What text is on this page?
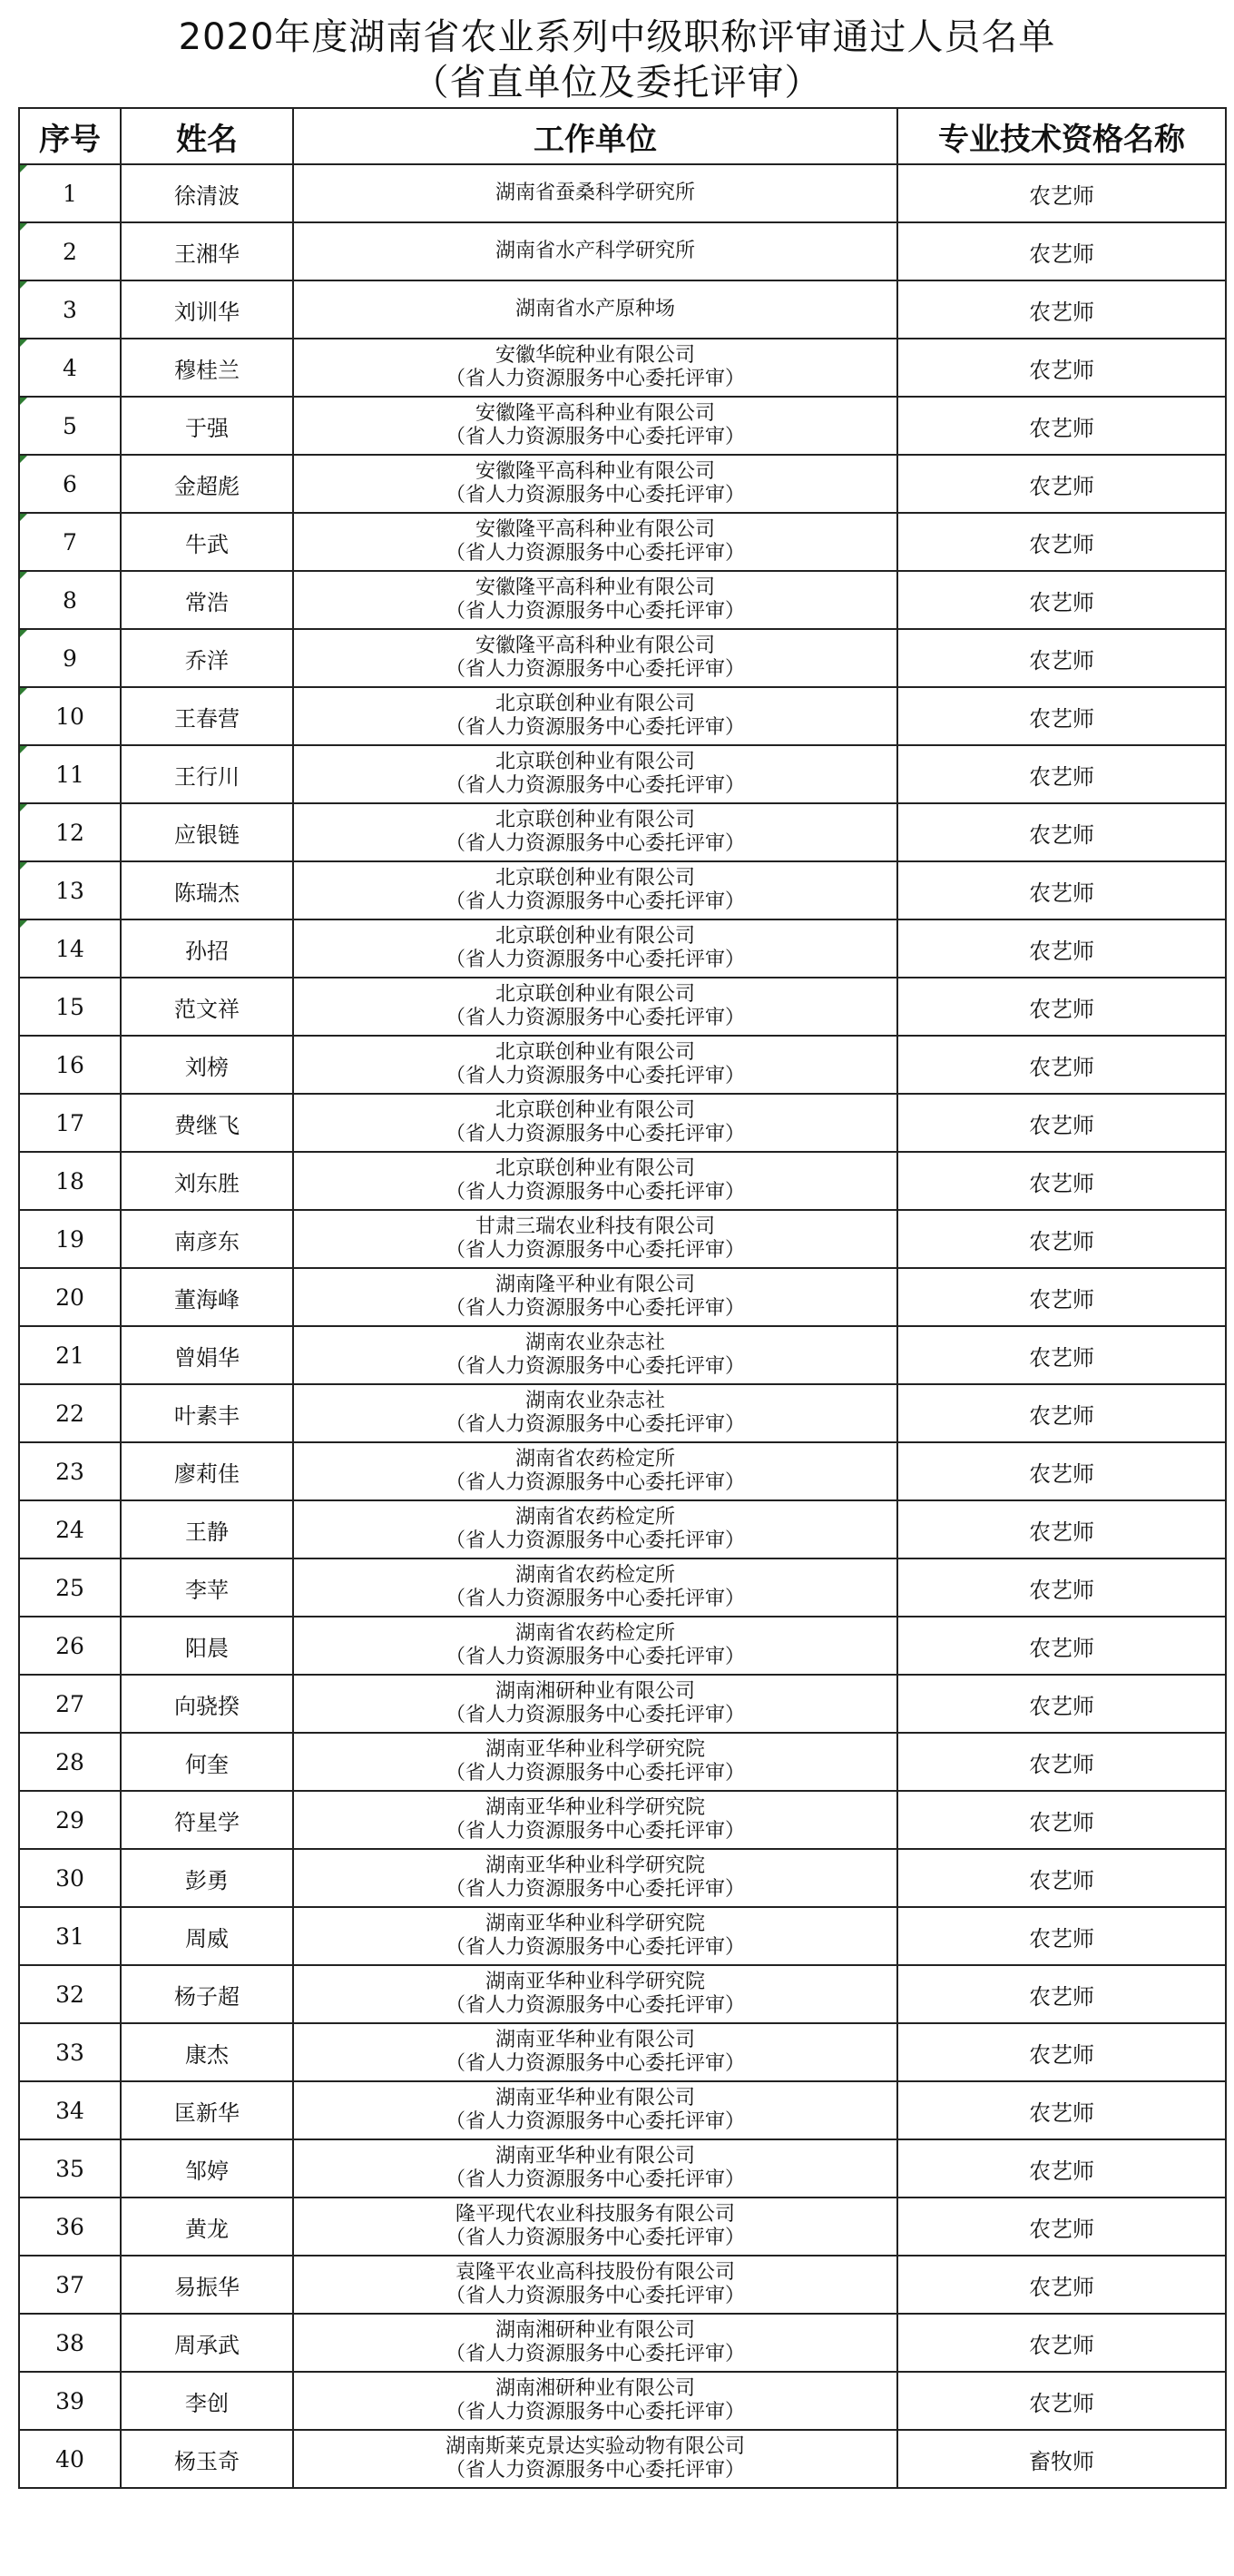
2020年度湖南省农业系列中级职称评审通过人员名单
（省直单位及委托评审）
序号	姓名	工作单位	专业技术资格名称

1	徐清波	湖南省蚕桑科学研究所	农艺师

2	王湘华	湖南省水产科学研究所	农艺师

3	刘训华	湖南省水产原种场	农艺师

4	穆桂兰	安徽华皖种业有限公司
（省人力资源服务中心委托评审）	农艺师

5	于强	安徽隆平高科种业有限公司
（省人力资源服务中心委托评审）	农艺师

6	金超彪	安徽隆平高科种业有限公司
（省人力资源服务中心委托评审）	农艺师

7	牛武	安徽隆平高科种业有限公司
（省人力资源服务中心委托评审）	农艺师

8	常浩	安徽隆平高科种业有限公司
（省人力资源服务中心委托评审）	农艺师

9	乔洋	安徽隆平高科种业有限公司
（省人力资源服务中心委托评审）	农艺师

10	王春营	北京联创种业有限公司
（省人力资源服务中心委托评审）	农艺师

11	王行川	北京联创种业有限公司
（省人力资源服务中心委托评审）	农艺师

12	应银链	北京联创种业有限公司
（省人力资源服务中心委托评审）	农艺师

13	陈瑞杰	北京联创种业有限公司
（省人力资源服务中心委托评审）	农艺师

14	孙招	北京联创种业有限公司
（省人力资源服务中心委托评审）	农艺师
15	范文祥	北京联创种业有限公司
（省人力资源服务中心委托评审）	农艺师
16	刘榜	北京联创种业有限公司
（省人力资源服务中心委托评审）	农艺师
17	费继飞	北京联创种业有限公司
（省人力资源服务中心委托评审）	农艺师
18	刘东胜	北京联创种业有限公司
（省人力资源服务中心委托评审）	农艺师
19	南彦东	甘肃三瑞农业科技有限公司
（省人力资源服务中心委托评审）	农艺师
20	董海峰	湖南隆平种业有限公司
（省人力资源服务中心委托评审）	农艺师
21	曾娟华	湖南农业杂志社
（省人力资源服务中心委托评审）	农艺师
22	叶素丰	湖南农业杂志社
（省人力资源服务中心委托评审）	农艺师
23	廖莉佳	湖南省农药检定所
（省人力资源服务中心委托评审）	农艺师
24	王静	湖南省农药检定所
（省人力资源服务中心委托评审）	农艺师
25	李苹	湖南省农药检定所
（省人力资源服务中心委托评审）	农艺师
26	阳晨	湖南省农药检定所
（省人力资源服务中心委托评审）	农艺师
27	向骁揆	湖南湘研种业有限公司
（省人力资源服务中心委托评审）	农艺师
28	何奎	湖南亚华种业科学研究院
（省人力资源服务中心委托评审）	农艺师
29	符星学	湖南亚华种业科学研究院
（省人力资源服务中心委托评审）	农艺师
30	彭勇	湖南亚华种业科学研究院
（省人力资源服务中心委托评审）	农艺师
31	周威	湖南亚华种业科学研究院
（省人力资源服务中心委托评审）	农艺师
32	杨子超	湖南亚华种业科学研究院
（省人力资源服务中心委托评审）	农艺师
33	康杰	湖南亚华种业有限公司
（省人力资源服务中心委托评审）	农艺师
34	匡新华	湖南亚华种业有限公司
（省人力资源服务中心委托评审）	农艺师
35	邹婷	湖南亚华种业有限公司
（省人力资源服务中心委托评审）	农艺师
36	黄龙	隆平现代农业科技服务有限公司
（省人力资源服务中心委托评审）	农艺师
37	易振华	袁隆平农业高科技股份有限公司
（省人力资源服务中心委托评审）	农艺师
38	周承武	湖南湘研种业有限公司
（省人力资源服务中心委托评审）	农艺师
39	李创	湖南湘研种业有限公司
（省人力资源服务中心委托评审）	农艺师
40	杨玉奇	湖南斯莱克景达实验动物有限公司
（省人力资源服务中心委托评审）	畜牧师
